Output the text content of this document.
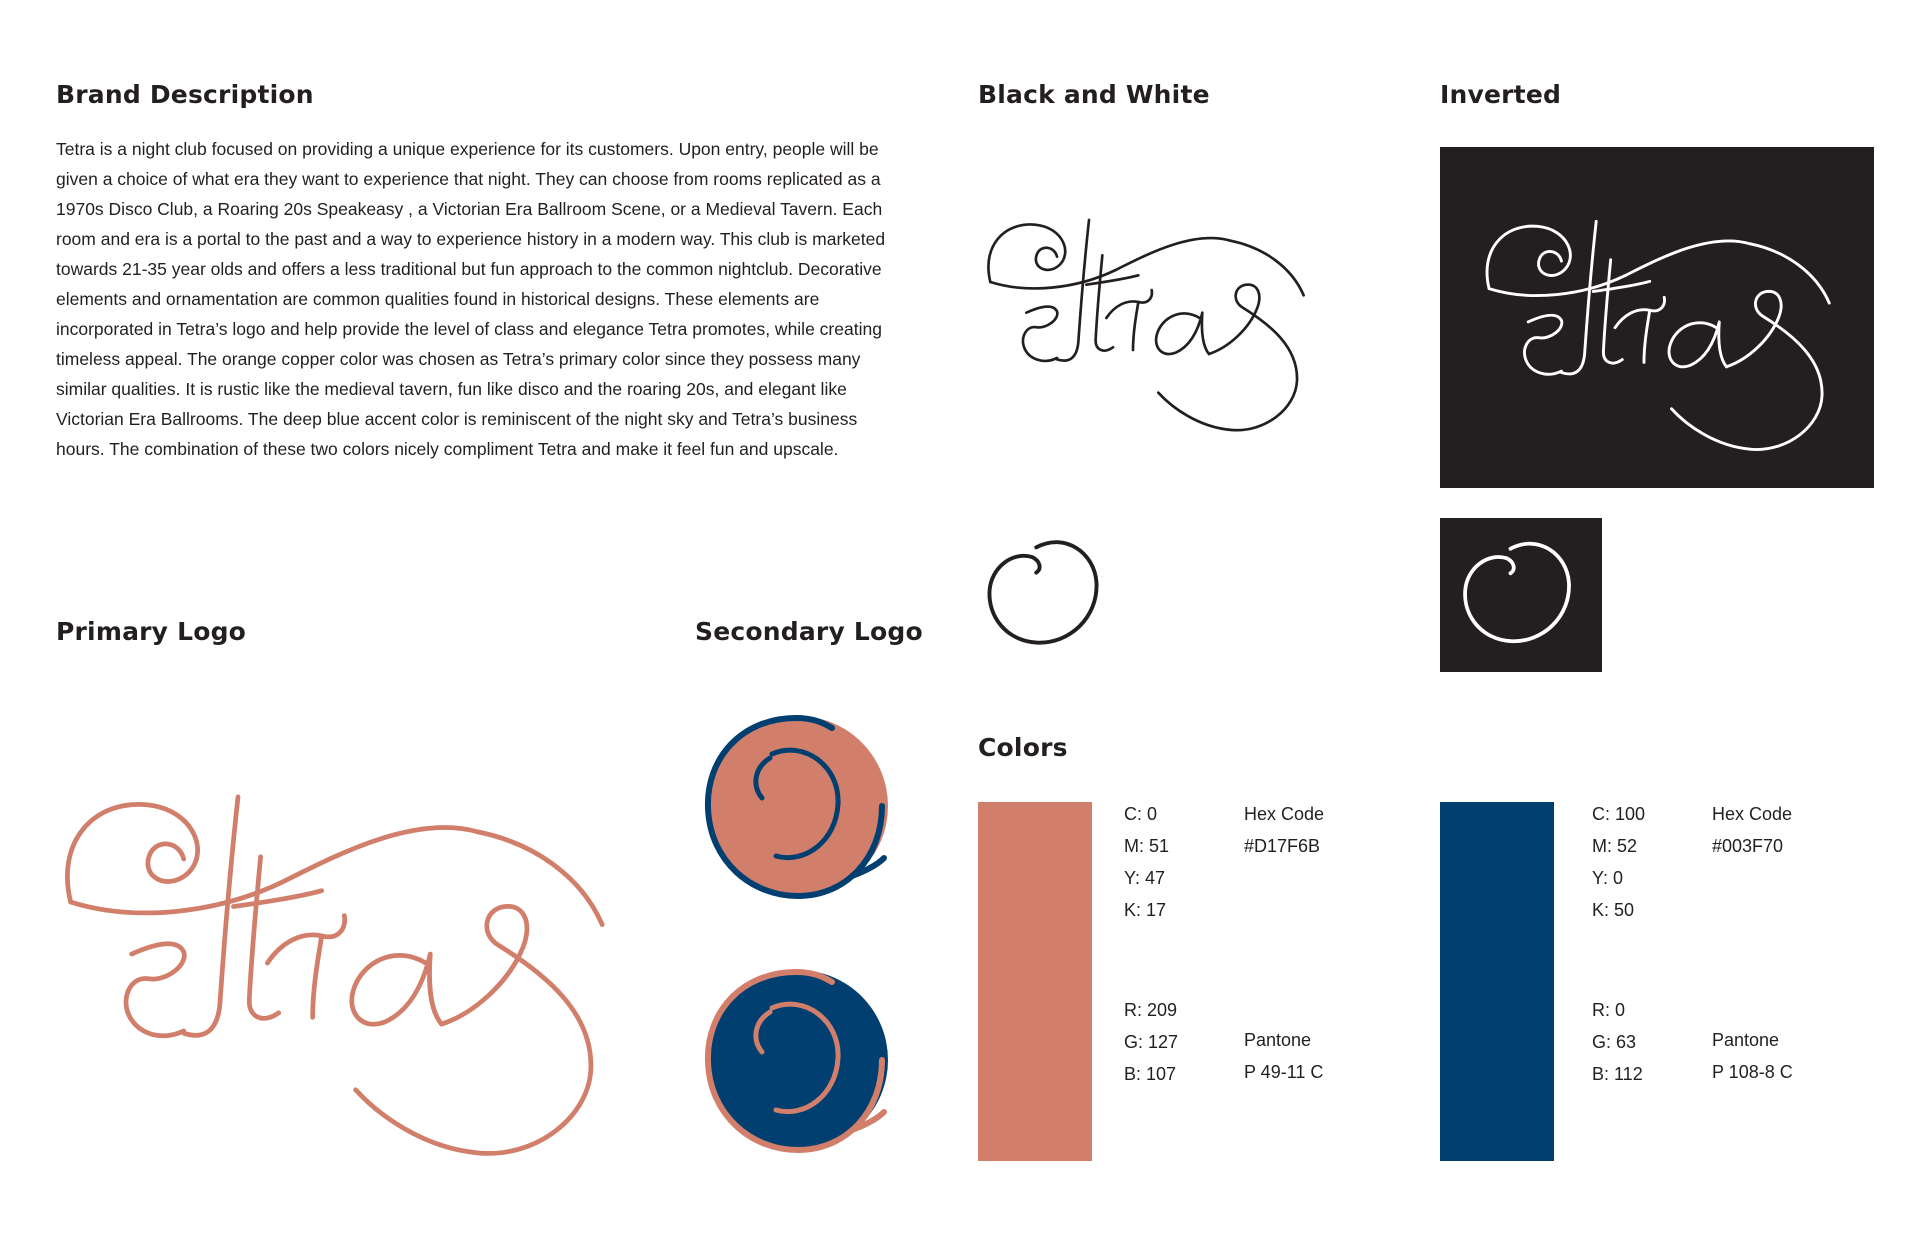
Brand Description

Tetra is a night club focused on providing a unique experience for its customers. Upon entry, people will be given a choice of what era they want to experience that night. They can choose from rooms replicated as a 1970s Disco Club, a Roaring 20s Speakeasy , a Victorian Era Ballroom Scene, or a Medieval Tavern. Each room and era is a portal to the past and a way to experience history in a modern way. This club is marketed towards 21-35 year olds and offers a less traditional but fun approach to the common nightclub. Decorative elements and ornamentation are common qualities found in historical designs. These elements are incorporated in Tetra’s logo and help provide the level of class and elegance Tetra promotes, while creating timeless appeal. The orange copper color was chosen as Tetra’s primary color since they possess many similar qualities. It is rustic like the medieval tavern, fun like disco and the roaring 20s, and elegant like Victorian Era Ballrooms. The deep blue accent color is reminiscent of the night sky and Tetra’s business hours. The combination of these two colors nicely compliment Tetra and make it feel fun and upscale.

Black and White	Inverted
Primary Logo	Secondary Logo
Colors
C: 0
M: 51
Y: 47
K: 17
Hex Code
#D17F6B
R: 209
G: 127
B: 107
Pantone
P 49-11 C
C: 100
M: 52
Y: 0
K: 50
Hex Code
#003F70
R: 0
G: 63
B: 112
Pantone
P 108-8 C
